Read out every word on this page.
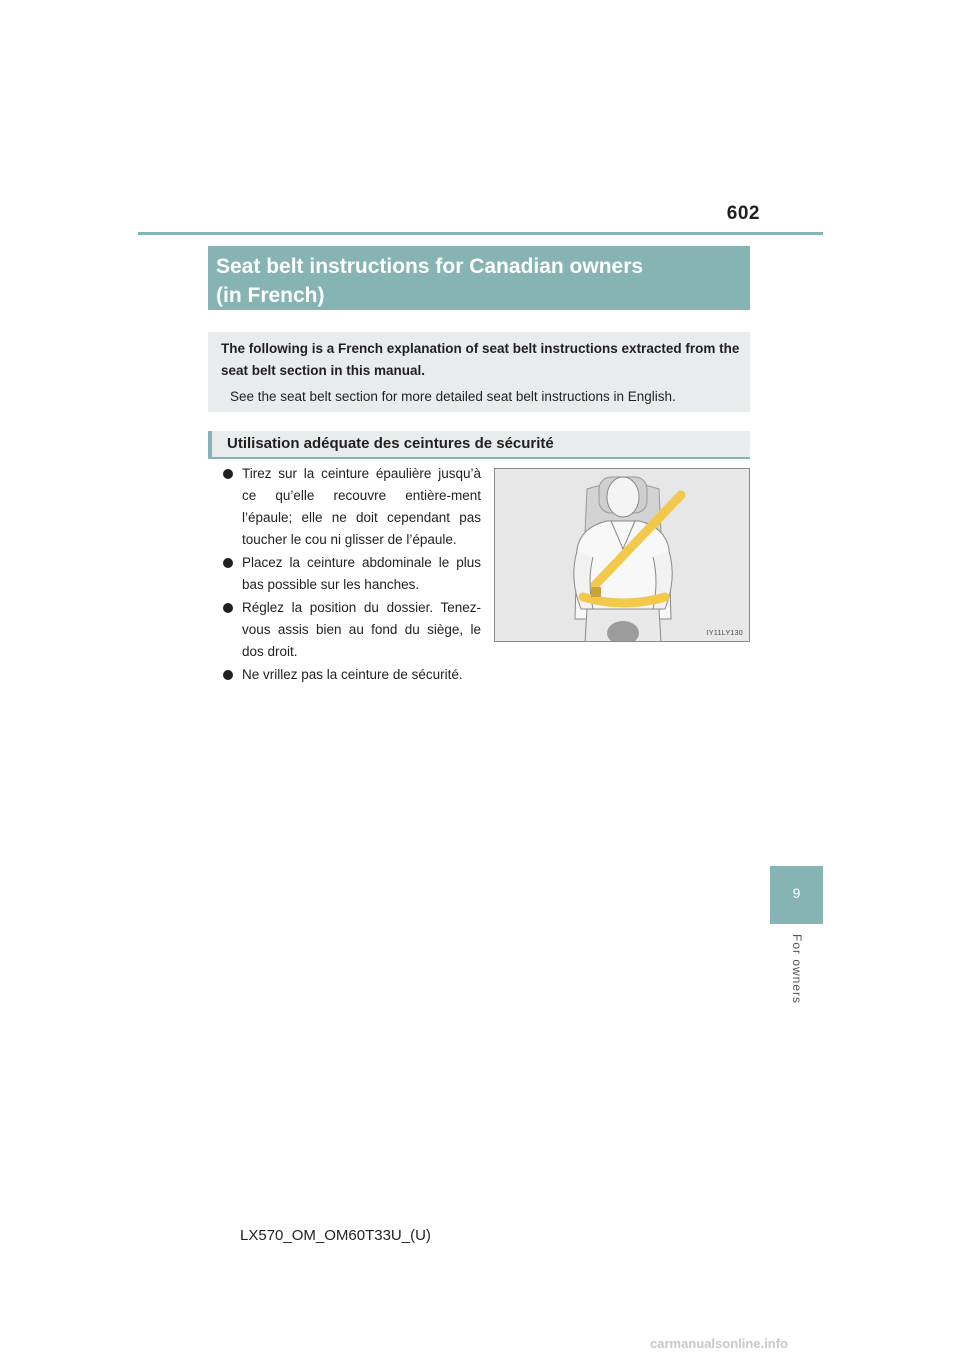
602
Seat belt instructions for Canadian owners
(in French)

The following is a French explanation of seat belt instructions extracted from the seat belt section in this manual.

See the seat belt section for more detailed seat belt instructions in English.

Utilisation adéquate des ceintures de sécurité
Tirez sur la ceinture épaulière jusqu’à ce qu’elle recouvre entière-ment l’épaule; elle ne doit cependant pas toucher le cou ni glisser de l’épaule.
Placez la ceinture abdominale le plus bas possible sur les hanches.
Réglez la position du dossier. Tenez-vous assis bien au fond du siège, le dos droit.
Ne vrillez pas la ceinture de sécurité.
IY11LY130
9
For owners
LX570_OM_OM60T33U_(U)
carmanualsonline.info
